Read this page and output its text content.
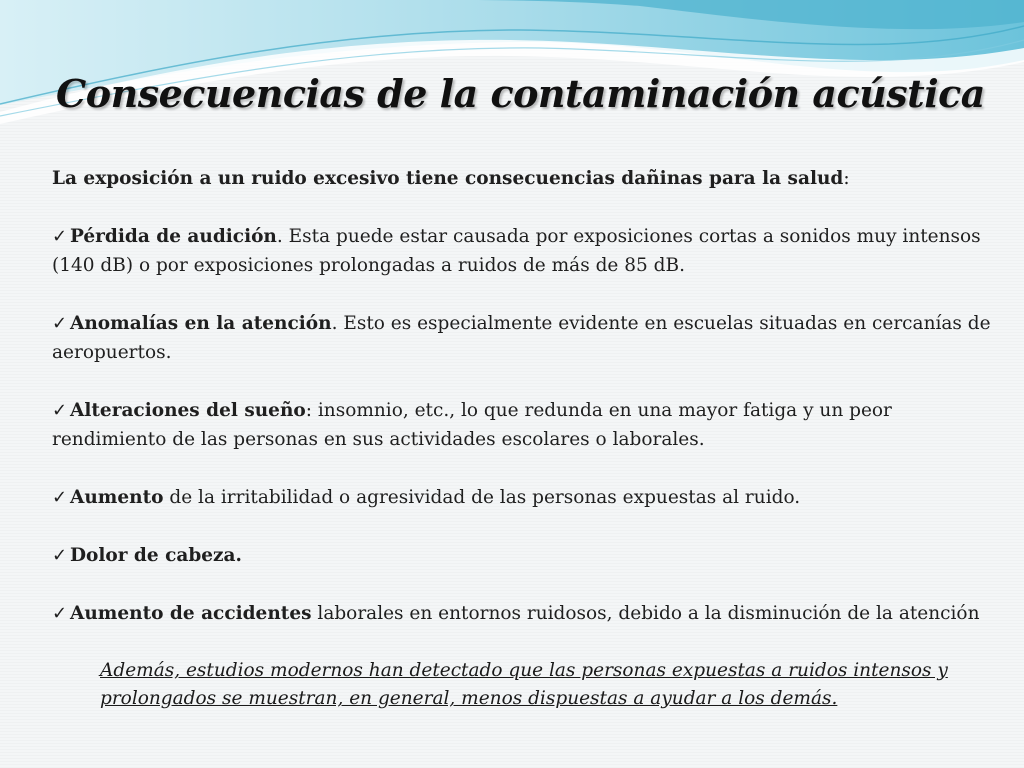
Consecuencias de la contaminación acústica

La exposición a un ruido excesivo tiene consecuencias dañinas para la salud:

✓ Pérdida de audición. Esta puede estar causada por exposiciones cortas a sonidos muy intensos (140 dB) o por exposiciones prolongadas a ruidos de más de 85 dB.

✓ Anomalías en la atención. Esto es especialmente evidente en escuelas situadas en cercanías de aeropuertos.

✓ Alteraciones del sueño: insomnio, etc., lo que redunda en una mayor fatiga y un peor rendimiento de las personas en sus actividades escolares o laborales.

✓ Aumento de la irritabilidad o agresividad de las personas expuestas al ruido.

✓ Dolor de cabeza.

✓ Aumento de accidentes laborales en entornos ruidosos, debido a la disminución de la atención

Además, estudios modernos han detectado que las personas expuestas a ruidos intensos y prolongados se muestran, en general, menos dispuestas a ayudar a los demás.
